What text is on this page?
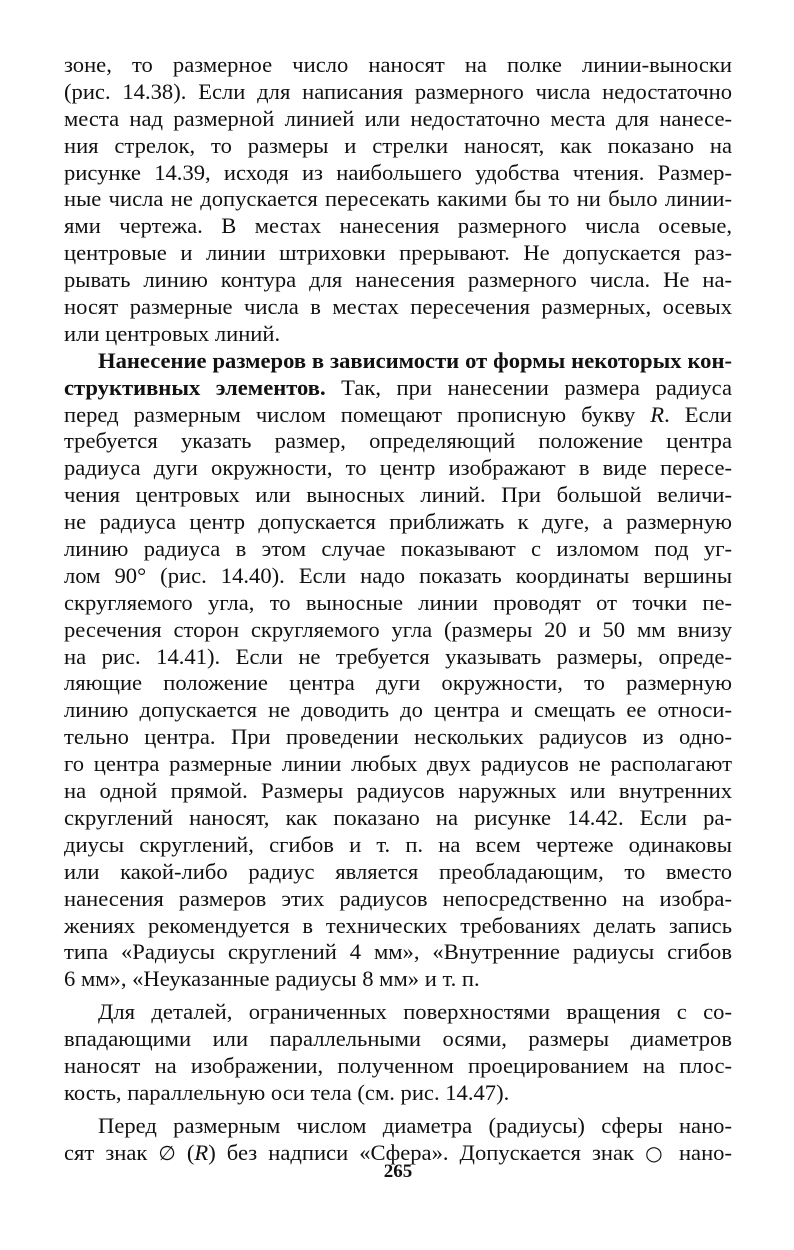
зоне, то размерное число наносят на полке линии-выноски
(рис. 14.38). Если для написания размерного числа недостаточно
места над размерной линией или недостаточно места для нанесе-
ния стрелок, то размеры и стрелки наносят, как показано на
рисунке 14.39, исходя из наибольшего удобства чтения. Размер-
ные числа не допускается пересекать какими бы то ни было линии-
ями чертежа. В местах нанесения размерного числа осевые,
центровые и линии штриховки прерывают. Не допускается раз-
рывать линию контура для нанесения размерного числа. Не на-
носят размерные числа в местах пересечения размерных, осевых
или центровых линий.
Нанесение размеров в зависимости от формы некоторых кон-
структивных элементов. Так, при нанесении размера радиуса
перед размерным числом помещают прописную букву R. Если
требуется указать размер, определяющий положение центра
радиуса дуги окружности, то центр изображают в виде пересе-
чения центровых или выносных линий. При большой величи-
не радиуса центр допускается приближать к дуге, а размерную
линию радиуса в этом случае показывают с изломом под уг-
лом 90° (рис. 14.40). Если надо показать координаты вершины
скругляемого угла, то выносные линии проводят от точки пе-
ресечения сторон скругляемого угла (размеры 20 и 50 мм внизу
на рис. 14.41). Если не требуется указывать размеры, опреде-
ляющие положение центра дуги окружности, то размерную
линию допускается не доводить до центра и смещать ее относи-
тельно центра. При проведении нескольких радиусов из одно-
го центра размерные линии любых двух радиусов не располагают
на одной прямой. Размеры радиусов наружных или внутренних
скруглений наносят, как показано на рисунке 14.42. Если ра-
диусы скруглений, сгибов и т. п. на всем чертеже одинаковы
или какой-либо радиус является преобладающим, то вместо
нанесения размеров этих радиусов непосредственно на изобра-
жениях рекомендуется в технических требованиях делать запись
типа «Радиусы скруглений 4 мм», «Внутренние радиусы сгибов
6 мм», «Неуказанные радиусы 8 мм» и т. п.
Для деталей, ограниченных поверхностями вращения с со-
впадающими или параллельными осями, размеры диаметров
наносят на изображении, полученном проецированием на плос-
кость, параллельную оси тела (см. рис. 14.47).
Перед размерным числом диаметра (радиусы) сферы нано-
сят знак ∅ (R) без надписи «Сфера». Допускается знак ○ нано-
265
